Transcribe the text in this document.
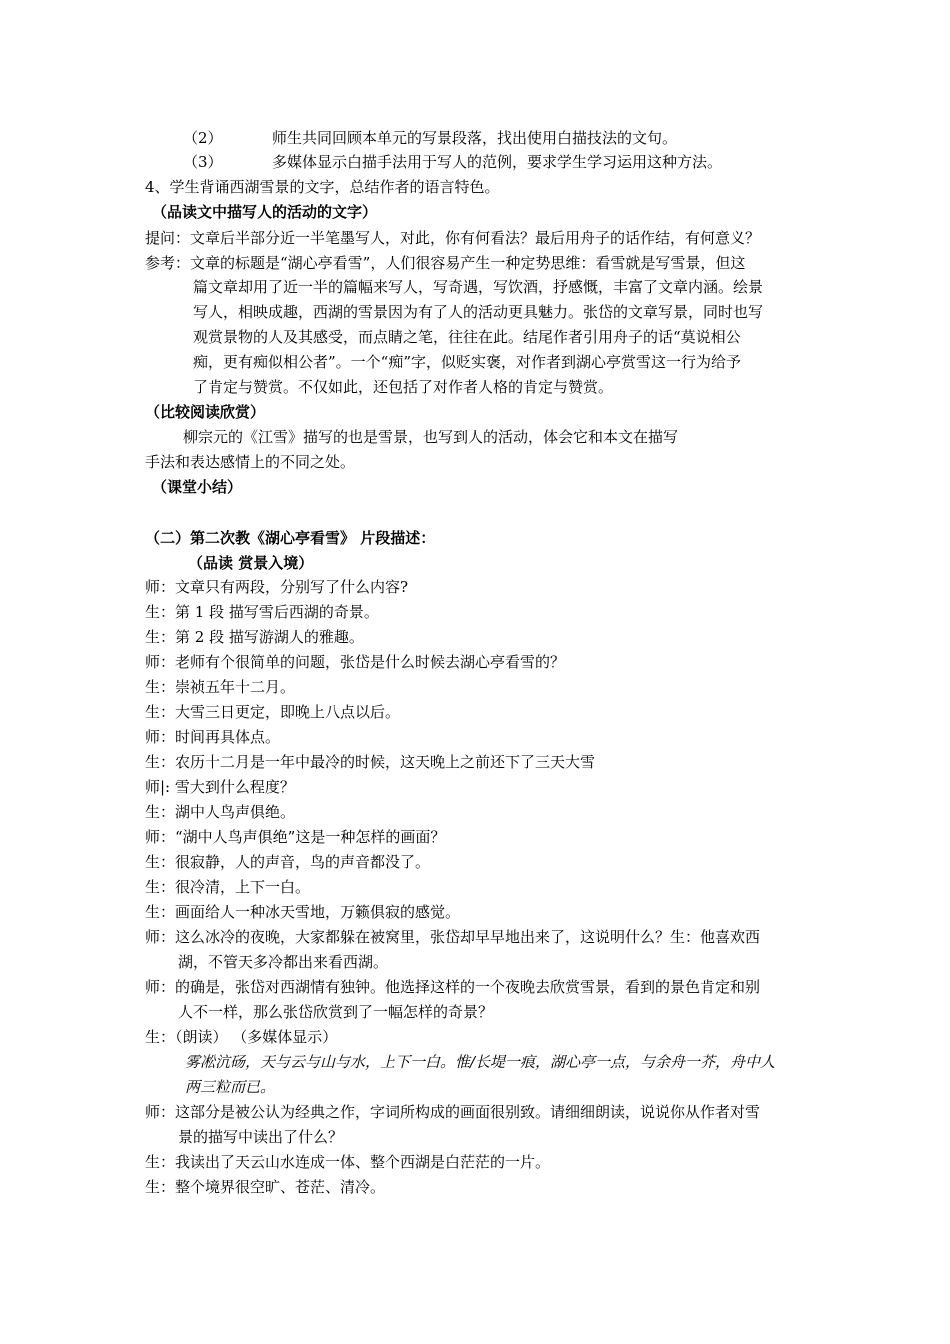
（2）	师生共同回顾本单元的写景段落，找出使用白描技法的文句。
（3）	多媒体显示白描手法用于写人的范例，要求学生学习运用这种方法。
4、学生背诵西湖雪景的文字，总结作者的语言特色。
（品读文中描写人的活动的文字）
提问：文章后半部分近一半笔墨写人，对此，你有何看法？最后用舟子的话作结，有何意义？
参考：文章的标题是“湖心亭看雪”，人们很容易产生一种定势思维：看雪就是写雪景，但这
篇文章却用了近一半的篇幅来写人，写奇遇，写饮酒，抒感慨，丰富了文章内涵。绘景
写人，相映成趣，西湖的雪景因为有了人的活动更具魅力。张岱的文章写景，同时也写
观赏景物的人及其感受，而点睛之笔，往往在此。结尾作者引用舟子的话“莫说相公
痴，更有痴似相公者”。一个“痴”字，似贬实褒，对作者到湖心亭赏雪这一行为给予
了肯定与赞赏。不仅如此，还包括了对作者人格的肯定与赞赏。
（比较阅读欣赏）
柳宗元的《江雪》描写的也是雪景，也写到人的活动，体会它和本文在描写
手法和表达感情上的不同之处。
（课堂小结）
（二）第二次教《湖心亭看雪》 片段描述：
（品读 赏景入境）
师：文章只有两段，分别写了什么内容?
生：第 1 段 描写雪后西湖的奇景。
生：第 2 段 描写游湖人的雅趣。
师：老师有个很简单的问题，张岱是什么时候去湖心亭看雪的？
生：崇祯五年十二月。
生：大雪三日更定，即晚上八点以后。
师：时间再具体点。
生：农历十二月是一年中最冷的时候，这天晚上之前还下了三天大雪
师|: 雪大到什么程度？
生：湖中人鸟声俱绝。
师：“湖中人鸟声俱绝”这是一种怎样的画面？
生：很寂静，人的声音，鸟的声音都没了。
生：很冷清，上下一白。
生：画面给人一种冰天雪地，万籁俱寂的感觉。
师：这么冰冷的夜晚，大家都躲在被窝里，张岱却早早地出来了，这说明什么？生：他喜欢西
湖，不管天多冷都出来看西湖。
师：的确是，张岱对西湖情有独钟。他选择这样的一个夜晚去欣赏雪景，看到的景色肯定和别
人不一样，那么张岱欣赏到了一幅怎样的奇景？
生：（朗读） （多媒体显示）
雾凇沆砀，天与云与山与水，上下一白。惟/长堤一痕，湖心亭一点，与余舟一芥，舟中人
两三粒而已。
师：这部分是被公认为经典之作，字词所构成的画面很别致。请细细朗读，说说你从作者对雪
景的描写中读出了什么？
生：我读出了天云山水连成一体、整个西湖是白茫茫的一片。
生：整个境界很空旷、苍茫、清冷。
